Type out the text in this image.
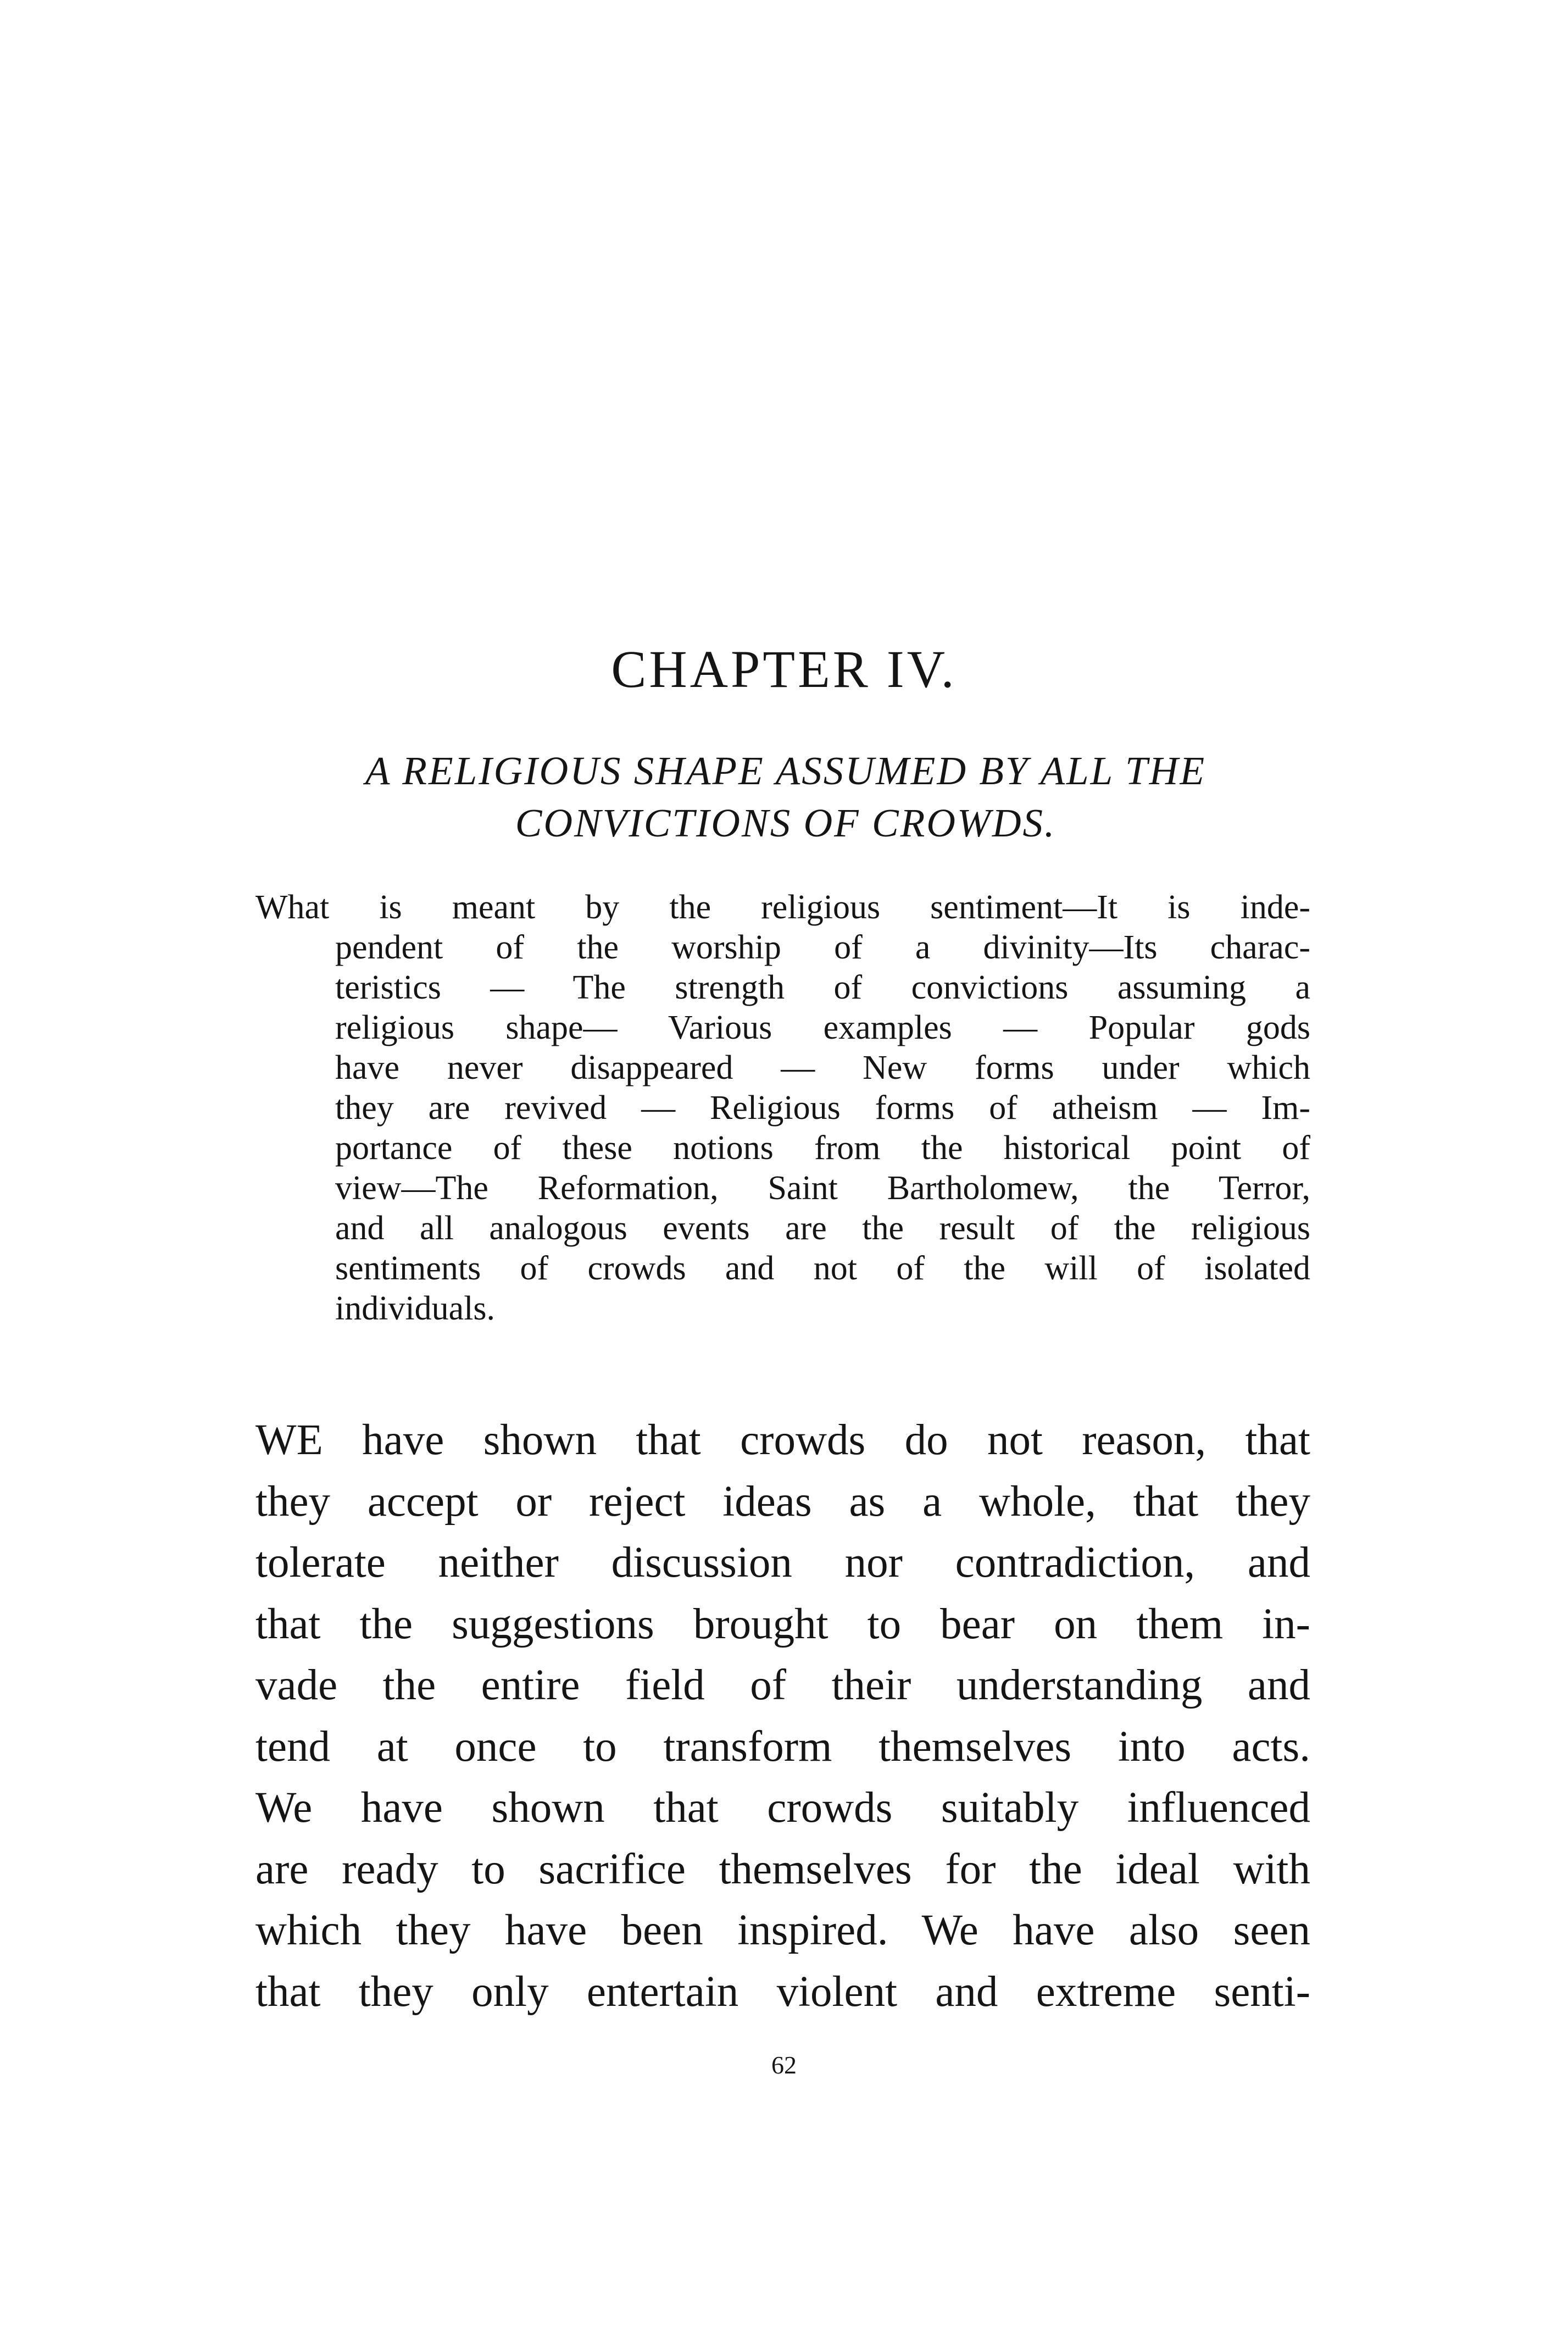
CHAPTER IV.
A RELIGIOUS SHAPE ASSUMED BY ALL THE
CONVICTIONS OF CROWDS.
What is meant by the religious sentiment—It is inde-
pendent of the worship of a divinity—Its charac-
teristics — The strength of convictions assuming a
religious shape— Various examples — Popular gods
have never disappeared — New forms under which
they are revived — Religious forms of atheism — Im-
portance of these notions from the historical point of
view—The Reformation, Saint Bartholomew, the Terror,
and all analogous events are the result of the religious
sentiments of crowds and not of the will of isolated
individuals.
WE have shown that crowds do not reason, that
they accept or reject ideas as a whole, that they
tolerate neither discussion nor contradiction, and
that the suggestions brought to bear on them in-
vade the entire field of their understanding and
tend at once to transform themselves into acts.
We have shown that crowds suitably influenced
are ready to sacrifice themselves for the ideal with
which they have been inspired. We have also seen
that they only entertain violent and extreme senti-
62
